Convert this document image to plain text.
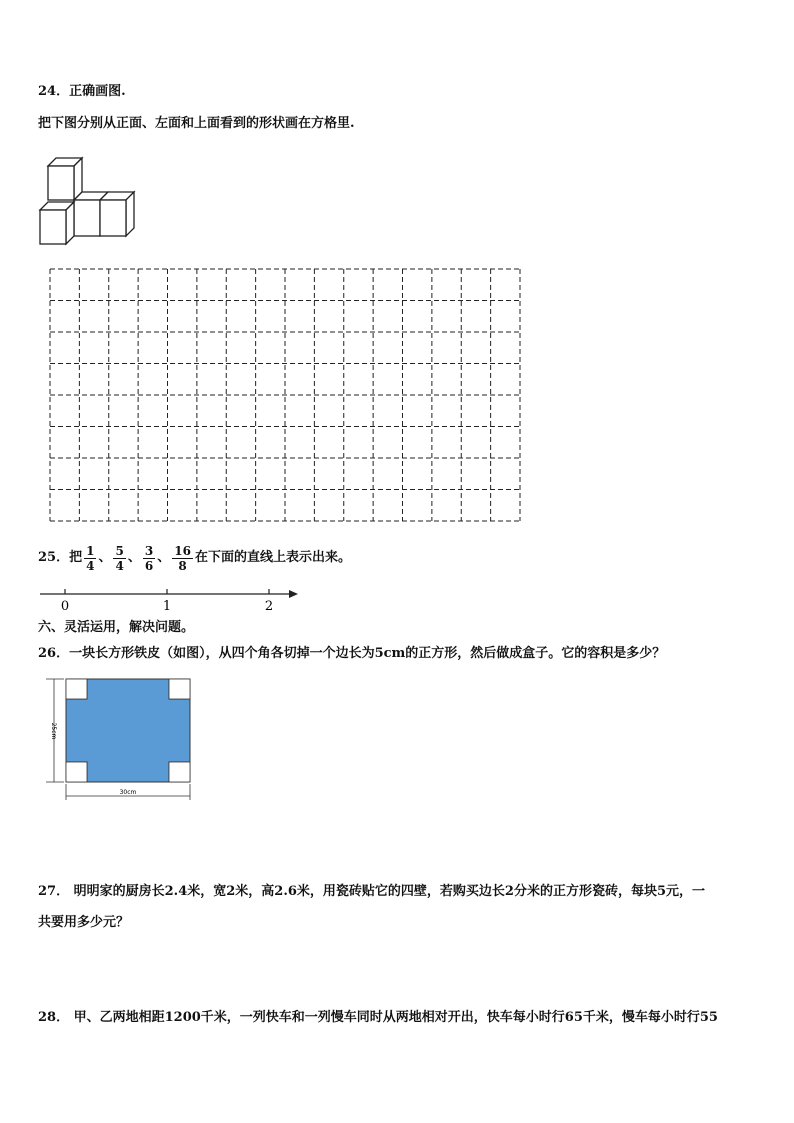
24．正确画图.
把下图分别从正面、左面和上面看到的形状画在方格里.
25． 把 $\frac{1}{4}$ 、 $\frac{5}{4}$ 、 $\frac{3}{6}$ 、 $\frac{16}{8}$ 在下面的直线上表示出来。
0	1	2
六、灵活运用，解决问题。
26．一块长方形铁皮（如图），从四个角各切掉一个边长为5cm的正方形，然后做成盒子。它的容积是多少？
25cm
30cm
27． 明明家的厨房长2.4米，宽2米，高2.6米，用瓷砖贴它的四壁，若购买边长2分米的正方形瓷砖，每块5元，一
共要用多少元？
28． 甲、乙两地相距1200千米，一列快车和一列慢车同时从两地相对开出，快车每小时行65千米，慢车每小时行55
